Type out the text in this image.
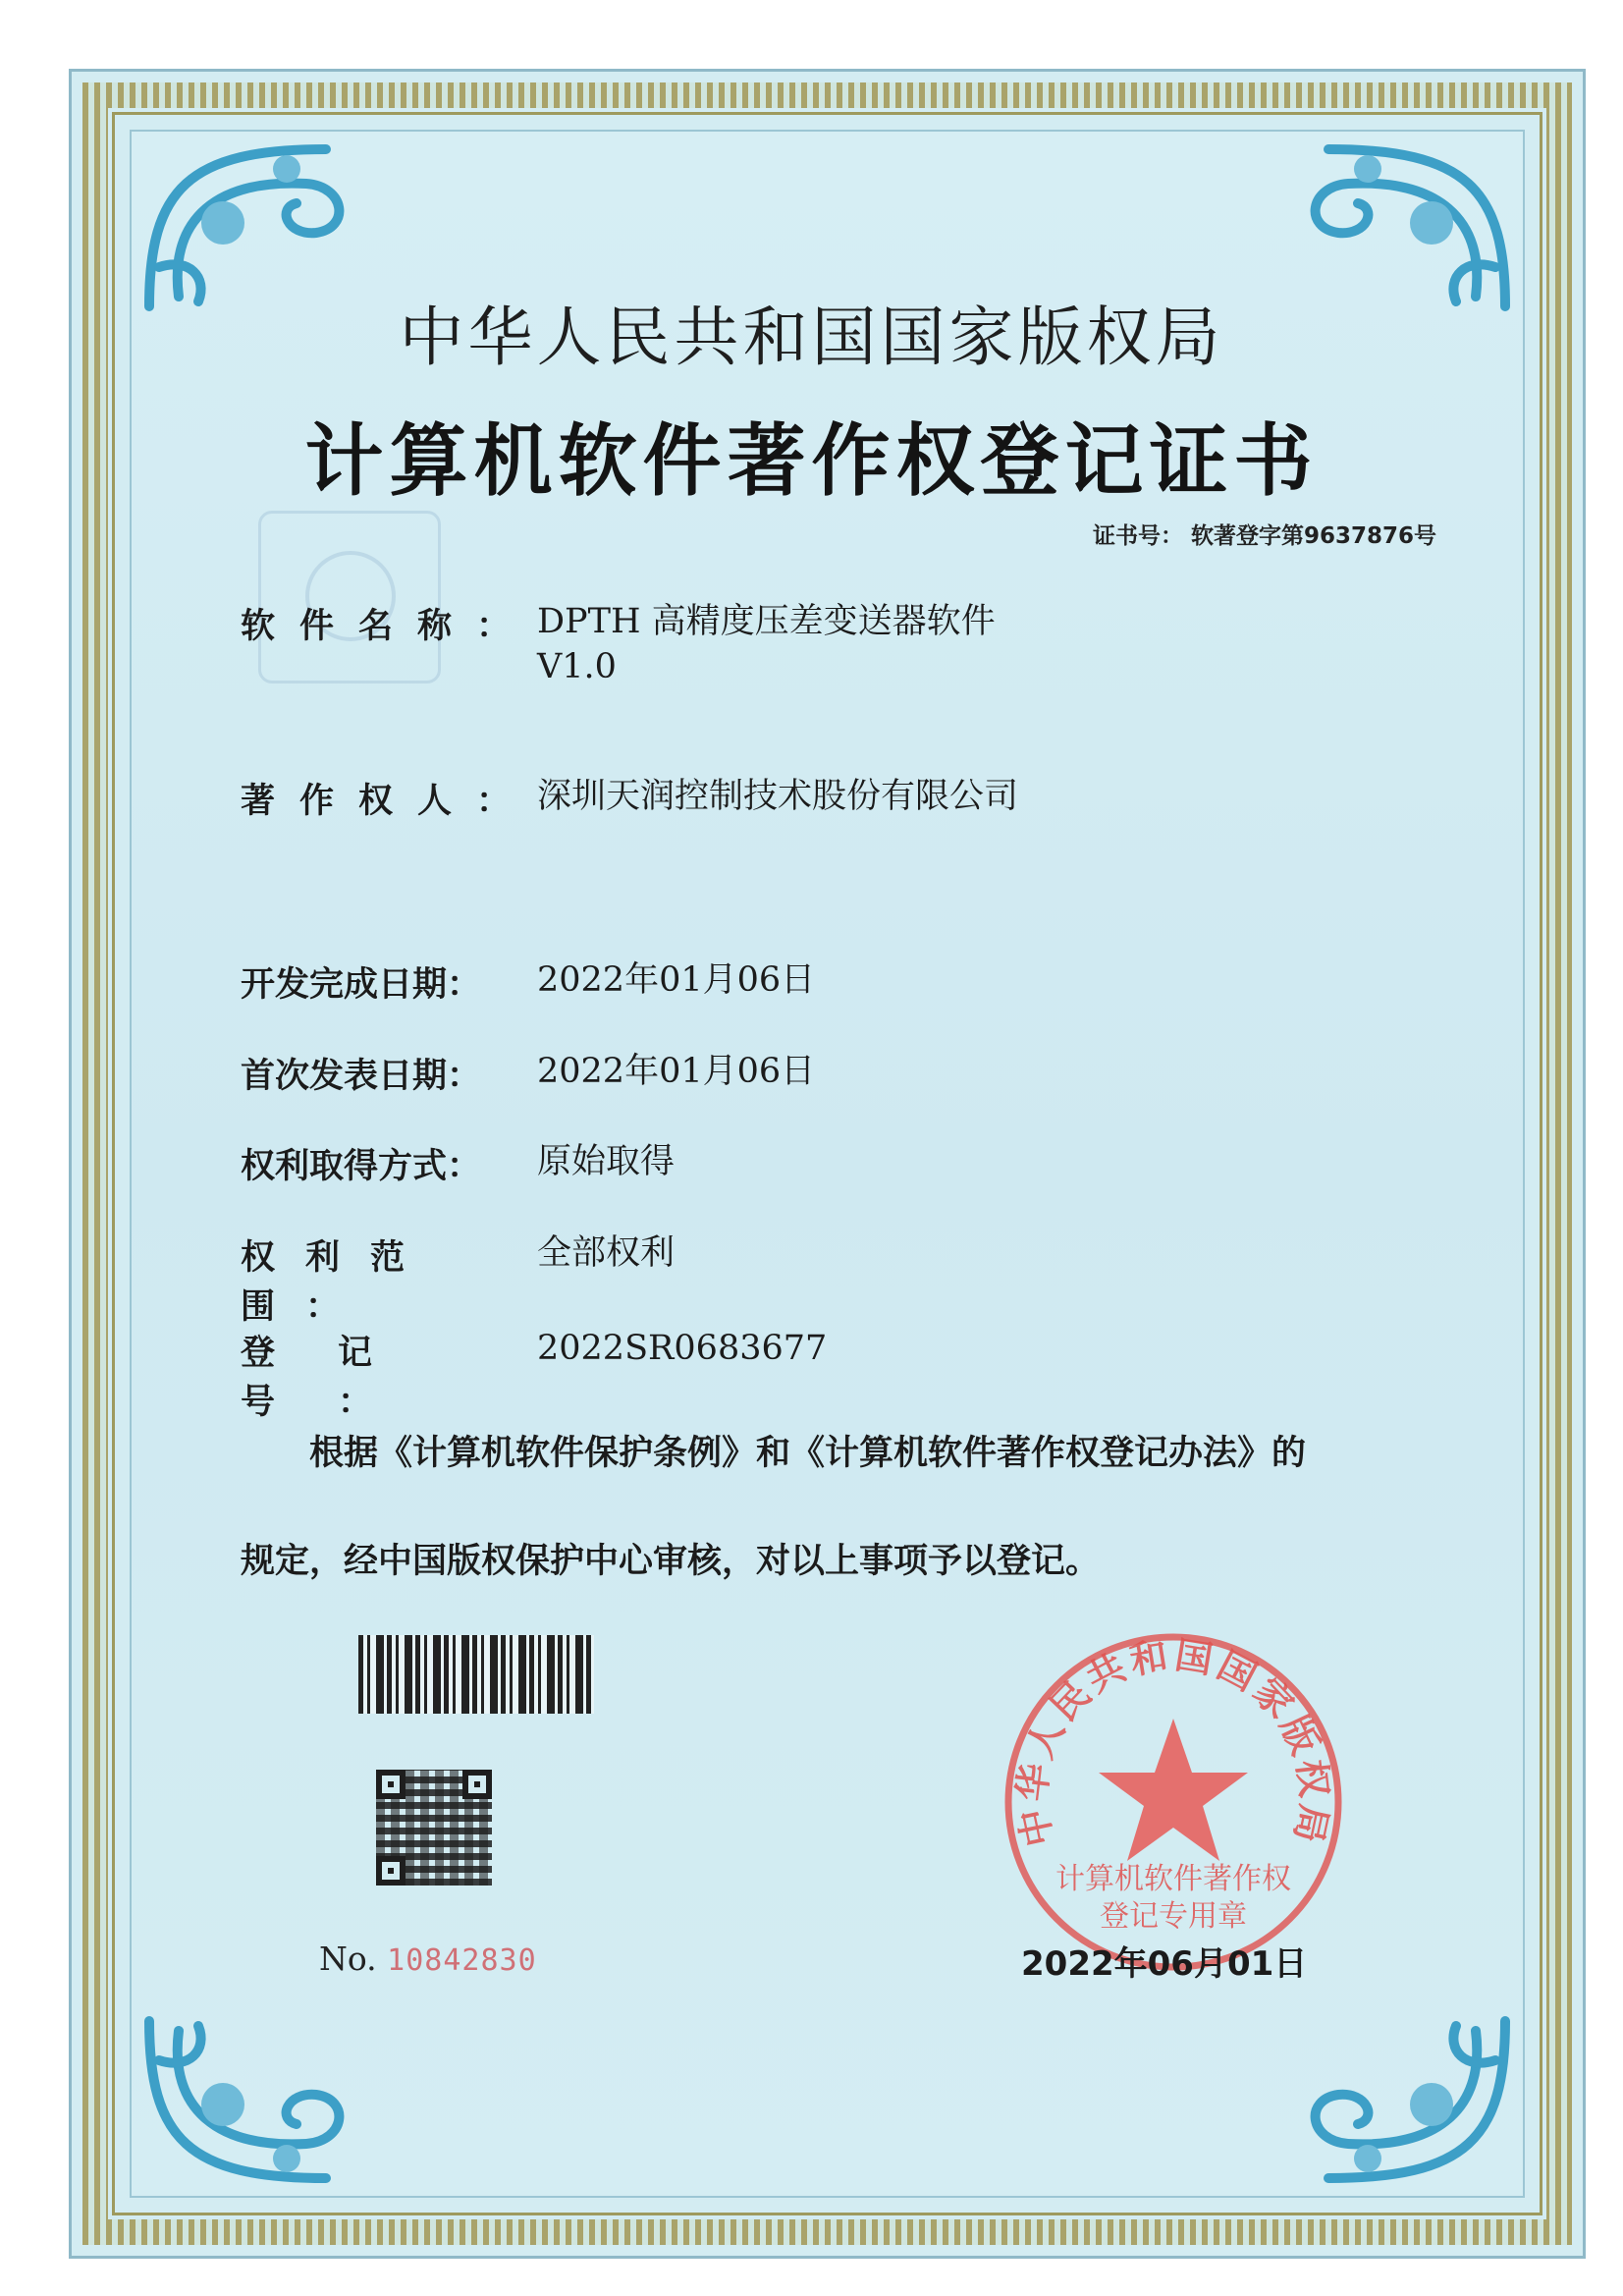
中华人民共和国国家版权局
计算机软件著作权登记证书
证书号： 软著登字第9637876号
软件名称： DPTH 高精度压差变送器软件
V1.0
著作权人： 深圳天润控制技术股份有限公司
开发完成日期：	2022年01月06日
首次发表日期：	2022年01月06日
权利取得方式：	原始取得
权利范围：
全部权利
登记号：
2022SR0683677
根据《计算机软件保护条例》和《计算机软件著作权登记办法》的
规定，经中国版权保护中心审核，对以上事项予以登记。
No. 10842830
中华人民共和国国家版权局
计算机软件著作权
登记专用章
2022年06月01日
